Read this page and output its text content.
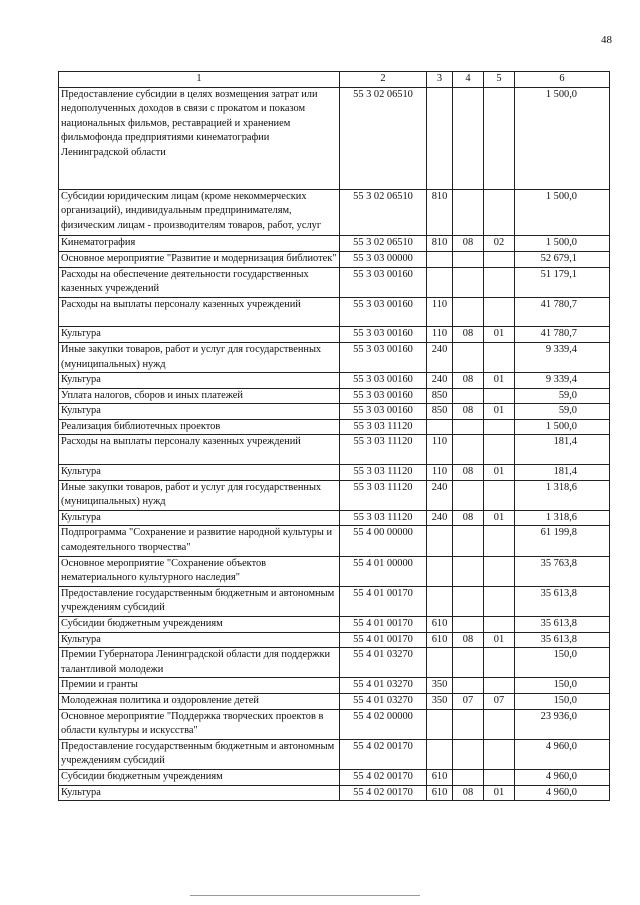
48
1	2	3	4	5	6
Предоставление субсидии в целях возмещения затрат или недополученных доходов в связи с прокатом и показом национальных фильмов, реставрацией и хранением фильмофонда предприятиями кинематографии Ленинградской области	55 3 02 06510				1 500,0
Субсидии юридическим лицам (кроме некоммерческих организаций), индивидуальным предпринимателям, физическим лицам - производителям товаров, работ, услуг	55 3 02 06510	810			1 500,0
Кинематография	55 3 02 06510	810	08	02	1 500,0
Основное мероприятие "Развитие и модернизация библиотек"	55 3 03 00000				52 679,1
Расходы на обеспечение деятельности государственных казенных учреждений	55 3 03 00160				51 179,1
Расходы на выплаты персоналу казенных учреждений	55 3 03 00160	110			41 780,7
Культура	55 3 03 00160	110	08	01	41 780,7
Иные закупки товаров, работ и услуг для государственных (муниципальных) нужд	55 3 03 00160	240			9 339,4
Культура	55 3 03 00160	240	08	01	9 339,4
Уплата налогов, сборов и иных платежей	55 3 03 00160	850			59,0
Культура	55 3 03 00160	850	08	01	59,0
Реализация библиотечных проектов	55 3 03 11120				1 500,0
Расходы на выплаты персоналу казенных учреждений	55 3 03 11120	110			181,4
Культура	55 3 03 11120	110	08	01	181,4
Иные закупки товаров, работ и услуг для государственных (муниципальных) нужд	55 3 03 11120	240			1 318,6
Культура	55 3 03 11120	240	08	01	1 318,6
Подпрограмма "Сохранение и развитие народной культуры и самодеятельного творчества"	55 4 00 00000				61 199,8
Основное мероприятие "Сохранение объектов нематериального культурного наследия"	55 4 01 00000				35 763,8
Предоставление государственным бюджетным и автономным учреждениям субсидий	55 4 01 00170				35 613,8
Субсидии бюджетным учреждениям	55 4 01 00170	610			35 613,8
Культура	55 4 01 00170	610	08	01	35 613,8
Премии Губернатора Ленинградской области для поддержки талантливой молодежи	55 4 01 03270				150,0
Премии и гранты	55 4 01 03270	350			150,0
Молодежная политика и оздоровление детей	55 4 01 03270	350	07	07	150,0
Основное мероприятие "Поддержка творческих проектов в области культуры и искусства"	55 4 02 00000				23 936,0
Предоставление государственным бюджетным и автономным учреждениям субсидий	55 4 02 00170				4 960,0
Субсидии бюджетным учреждениям	55 4 02 00170	610			4 960,0
Культура	55 4 02 00170	610	08	01	4 960,0
